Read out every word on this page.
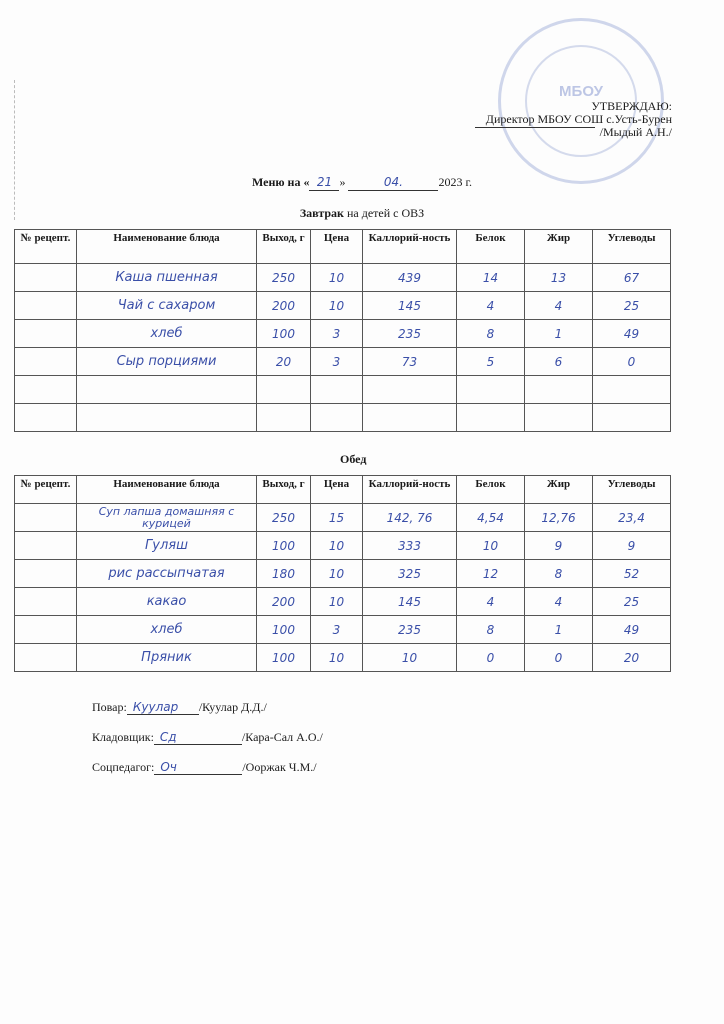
МБОУ
УТВЕРЖДАЮ:
Директор МБОУ СОШ с.Усть-Бурен
/Мыдый А.Н./
Меню на « 21 »	04.	2023 г.
Завтрак на детей с ОВЗ
№ рецепт.	Наименование блюда	Выход, г	Цена	Каллорий-ность	Белок	Жир	Углеводы
	Каша пшенная	250	10	439	14	13	67
	Чай с сахаром	200	10	145	4	4	25
	хлеб	100	3	235	8	1	49
	Сыр порциями	20	3	73	5	6	0

Обед
№ рецепт.	Наименование блюда	Выход, г	Цена	Каллорий-ность	Белок	Жир	Углеводы
	Суп лапша домашняя с курицей	250	15	142, 76	4,54	12,76	23,4
	Гуляш	100	10	333	10	9	9
	рис рассыпчатая	180	10	325	12	8	52
	какао	200	10	145	4	4	25
	хлеб	100	3	235	8	1	49
	Пряник	100	10	10	0	0	20
Повар: Куулар /Куулар Д.Д./
Кладовщик: Сд	/Кара-Сал А.О./
Соцпедагог: Оч	/Ооржак Ч.М./
